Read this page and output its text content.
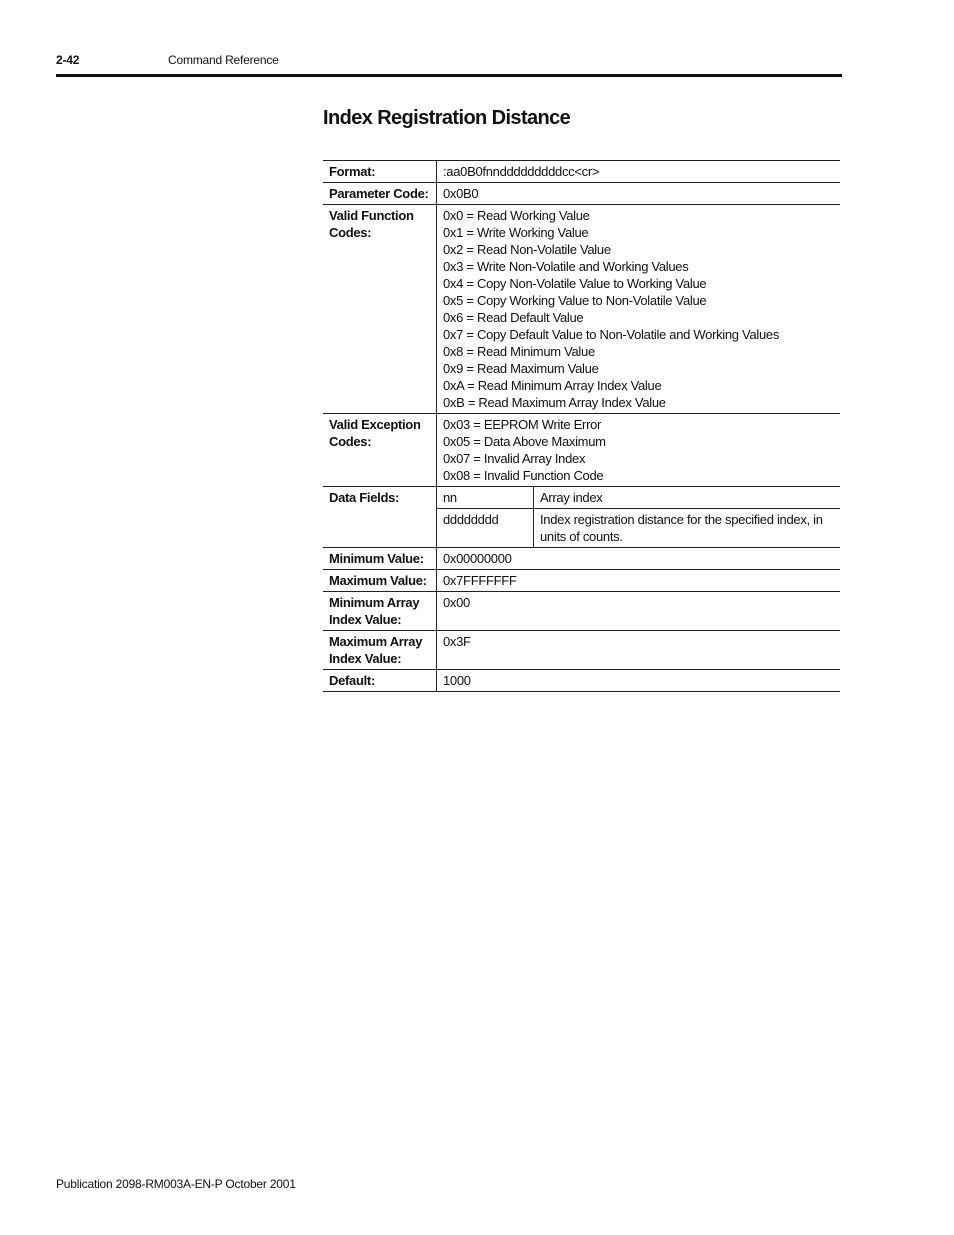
2-42	Command Reference
Index Registration Distance
Format:	:aa0B0fnndddddddddcc<cr>
Parameter Code:	0x0B0
Valid Function Codes:	
0x0 = Read Working Value
0x1 = Write Working Value
0x2 = Read Non-Volatile Value
0x3 = Write Non-Volatile and Working Values
0x4 = Copy Non-Volatile Value to Working Value
0x5 = Copy Working Value to Non-Volatile Value
0x6 = Read Default Value
0x7 = Copy Default Value to Non-Volatile and Working Values
0x8 = Read Minimum Value
0x9 = Read Maximum Value
0xA = Read Minimum Array Index Value
0xB = Read Maximum Array Index Value

Valid Exception Codes:	
0x03 = EEPROM Write Error
0x05 = Data Above Maximum
0x07 = Invalid Array Index
0x08 = Invalid Function Code

Data Fields:		nn	Array index
dddddddd	Index registration distance for the specified index, in units of counts.

Minimum Value:	0x00000000
Maximum Value:	0x7FFFFFFF
Minimum Array Index Value:	0x00
Maximum Array Index Value:	0x3F
Default:	1000
Publication 2098-RM003A-EN-P October 2001
